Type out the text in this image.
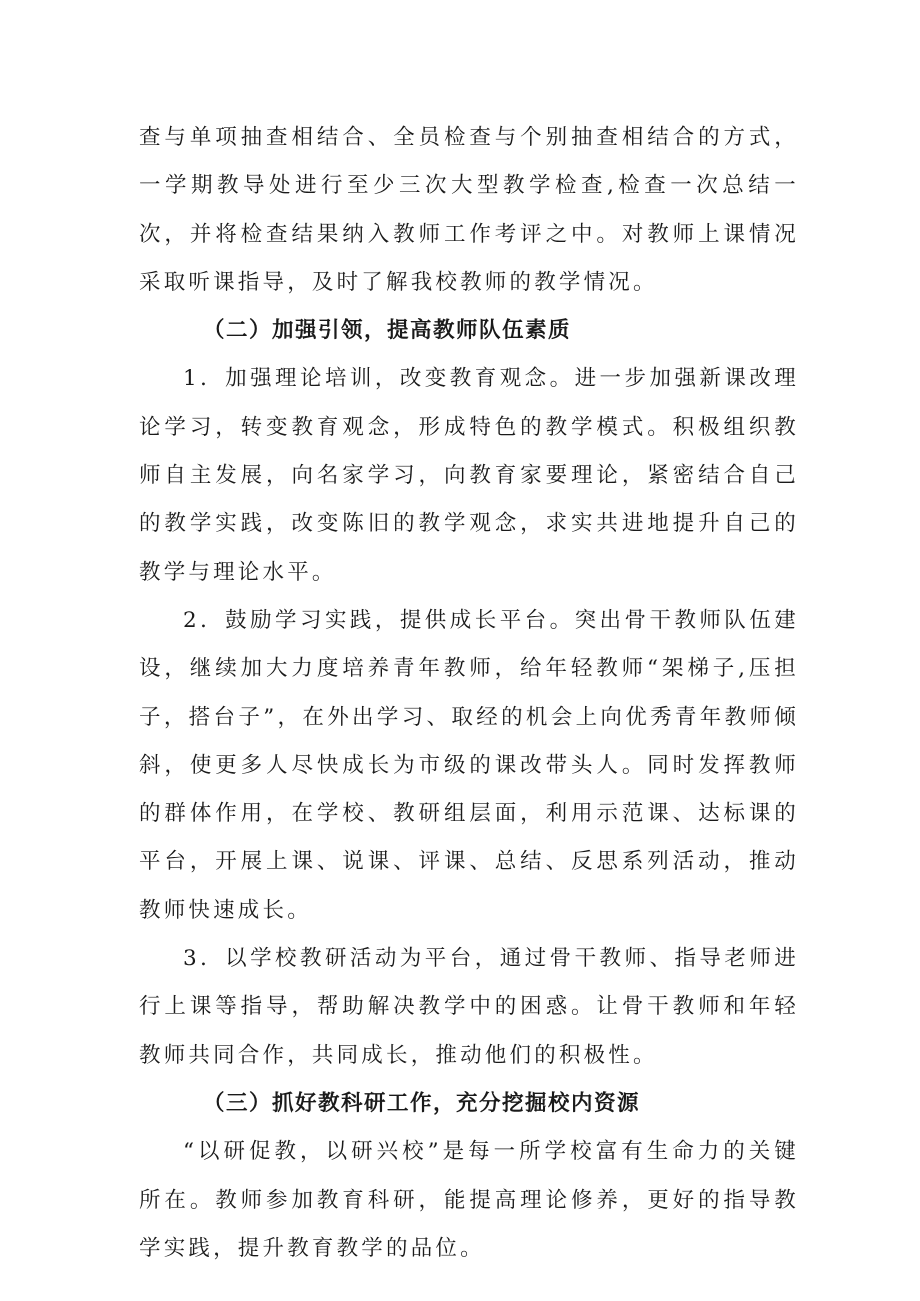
查与单项抽查相结合、全员检查与个别抽查相结合的方式，一学期教导处进行至少三次大型教学检查,检查一次总结一次，并将检查结果纳入教师工作考评之中。对教师上课情况采取听课指导，及时了解我校教师的教学情况。

（二）加强引领，提高教师队伍素质

1．加强理论培训，改变教育观念。进一步加强新课改理论学习，转变教育观念，形成特色的教学模式。积极组织教师自主发展，向名家学习，向教育家要理论，紧密结合自己的教学实践，改变陈旧的教学观念，求实共进地提升自己的教学与理论水平。

2．鼓励学习实践，提供成长平台。突出骨干教师队伍建设，继续加大力度培养青年教师，给年轻教师“架梯子,压担子，搭台子”，在外出学习、取经的机会上向优秀青年教师倾斜，使更多人尽快成长为市级的课改带头人。同时发挥教师的群体作用，在学校、教研组层面，利用示范课、达标课的平台，开展上课、说课、评课、总结、反思系列活动，推动教师快速成长。

3．以学校教研活动为平台，通过骨干教师、指导老师进行上课等指导，帮助解决教学中的困惑。让骨干教师和年轻教师共同合作，共同成长，推动他们的积极性。

（三）抓好教科研工作，充分挖掘校内资源

“以研促教，以研兴校”是每一所学校富有生命力的关键所在。教师参加教育科研，能提高理论修养，更好的指导教学实践，提升教育教学的品位。
